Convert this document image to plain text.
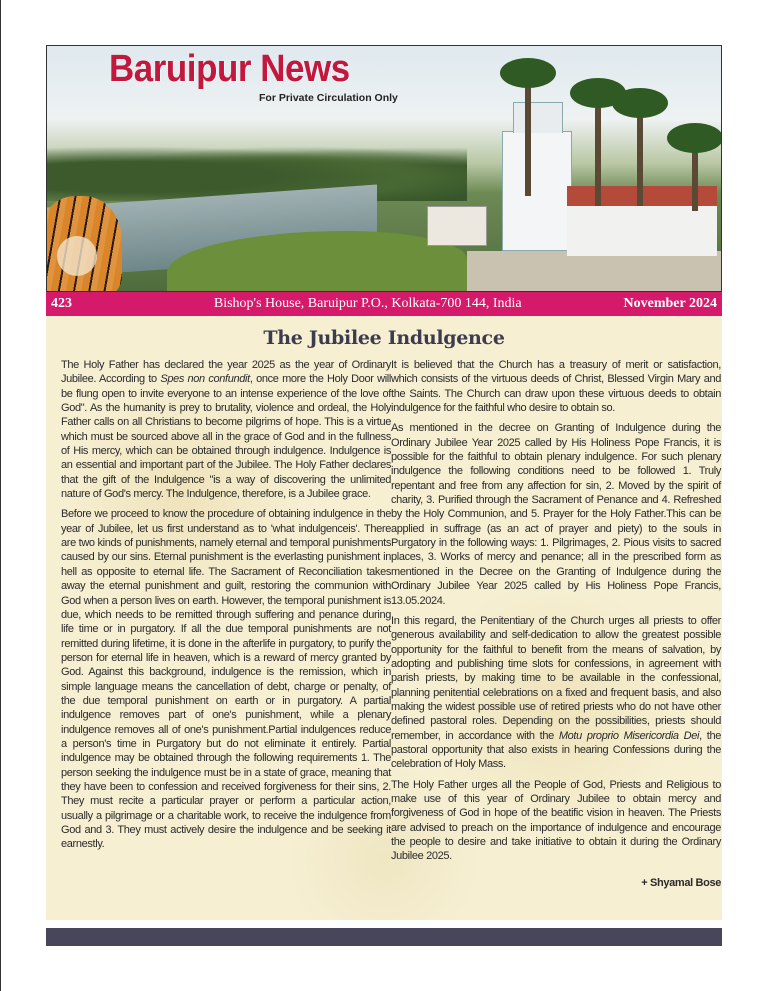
Baruipur News
For Private Circulation Only
423	Bishop's House, Baruipur P.O., Kolkata-700 144, India	November 2024
The Jubilee Indulgence

The Holy Father has declared the year 2025 as the year of Ordinary Jubilee. According to Spes non confundit, once more the Holy Door will be flung open to invite everyone to an intense experience of the love of God". As the humanity is prey to brutality, violence and ordeal, the Holy Father calls on all Christians to become pilgrims of hope. This is a virtue which must be sourced above all in the grace of God and in the fullness of His mercy, which can be obtained through indulgence. Indulgence is an essential and important part of the Jubilee. The Holy Father declares that the gift of the Indulgence "is a way of discovering the unlimited nature of God's mercy. The Indulgence, therefore, is a Jubilee grace.

Before we proceed to know the procedure of obtaining indulgence in the year of Jubilee, let us first understand as to 'what indulgenceis'. There are two kinds of punishments, namely eternal and temporal punishments caused by our sins. Eternal punishment is the everlasting punishment in hell as opposite to eternal life. The Sacrament of Reconciliation takes away the eternal punishment and guilt, restoring the communion with God when a person lives on earth. However, the temporal punishment is due, which needs to be remitted through suffering and penance during life time or in purgatory. If all the due temporal punishments are not remitted during lifetime, it is done in the afterlife in purgatory, to purify the person for eternal life in heaven, which is a reward of mercy granted by God. Against this background, indulgence is the remission, which in simple language means the cancellation of debt, charge or penalty, of the due temporal punishment on earth or in purgatory. A partial indulgence removes part of one's punishment, while a plenary indulgence removes all of one's punishment.Partial indulgences reduce a person's time in Purgatory but do not eliminate it entirely. Partial indulgence may be obtained through the following requirements 1. The person seeking the indulgence must be in a state of grace, meaning that they have been to confession and received forgiveness for their sins, 2. They must recite a particular prayer or perform a particular action, usually a pilgrimage or a charitable work, to receive the indulgence from God and 3. They must actively desire the indulgence and be seeking it earnestly.

It is believed that the Church has a treasury of merit or satisfaction, which consists of the virtuous deeds of Christ, Blessed Virgin Mary and the Saints. The Church can draw upon these virtuous deeds to obtain indulgence for the faithful who desire to obtain so.

As mentioned in the decree on Granting of Indulgence during the Ordinary Jubilee Year 2025 called by His Holiness Pope Francis, it is possible for the faithful to obtain plenary indulgence. For such plenary indulgence the following conditions need to be followed 1. Truly repentant and free from any affection for sin, 2. Moved by the spirit of charity, 3. Purified through the Sacrament of Penance and 4. Refreshed by the Holy Communion, and 5. Prayer for the Holy Father.This can be applied in suffrage (as an act of prayer and piety) to the souls in Purgatory in the following ways: 1. Pilgrimages, 2. Pious visits to sacred places, 3. Works of mercy and penance; all in the prescribed form as mentioned in the Decree on the Granting of Indulgence during the Ordinary Jubilee Year 2025 called by His Holiness Pope Francis, 13.05.2024.

In this regard, the Penitentiary of the Church urges all priests to offer generous availability and self-dedication to allow the greatest possible opportunity for the faithful to benefit from the means of salvation, by adopting and publishing time slots for confessions, in agreement with parish priests, by making time to be available in the confessional, planning penitential celebrations on a fixed and frequent basis, and also making the widest possible use of retired priests who do not have other defined pastoral roles. Depending on the possibilities, priests should remember, in accordance with the Motu proprio Misericordia Dei, the pastoral opportunity that also exists in hearing Confessions during the celebration of Holy Mass.

The Holy Father urges all the People of God, Priests and Religious to make use of this year of Ordinary Jubilee to obtain mercy and forgiveness of God in hope of the beatific vision in heaven. The Priests are advised to preach on the importance of indulgence and encourage the people to desire and take initiative to obtain it during the Ordinary Jubilee 2025.

+ Shyamal Bose
